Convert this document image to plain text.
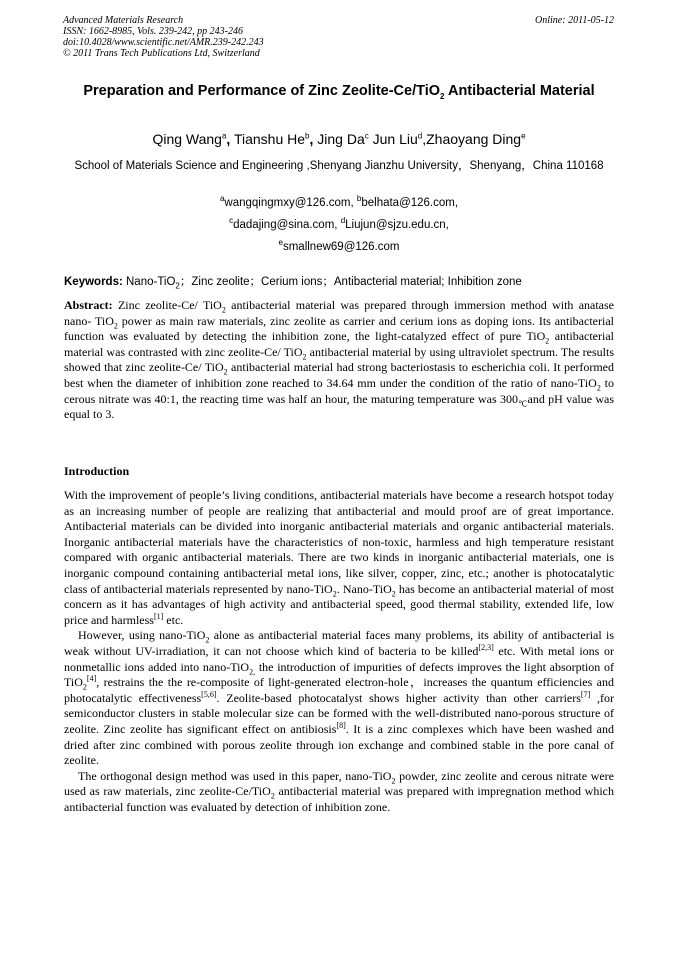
Advanced Materials Research
ISSN: 1662-8985, Vols. 239-242, pp 243-246
doi:10.4028/www.scientific.net/AMR.239-242.243
© 2011 Trans Tech Publications Ltd, Switzerland
Online: 2011-05-12
Preparation and Performance of Zinc Zeolite-Ce/TiO$_2$ Antibacterial Material
Qing Wang$^a$, Tianshu He$^b$, Jing Da$^c$ Jun Liu$^d$,Zhaoyang Ding$^e$
School of Materials Science and Engineering ,Shenyang Jianzhu University，Shenyang，China 110168
$^a$wangqingmxy@126.com, $^b$belhata@126.com,
$^c$dadajing@sina.com, $^d$Liujun@sjzu.edu.cn,
$^e$smallnew69@126.com
Keywords: Nano-TiO$_2$；Zinc zeolite；Cerium ions；Antibacterial material; Inhibition zone

Abstract: Zinc zeolite-Ce/ TiO$_2$ antibacterial material was prepared through immersion method with anatase nano- TiO$_2$ power as main raw materials, zinc zeolite as carrier and cerium ions as doping ions. Its antibacterial function was evaluated by detecting the inhibition zone, the light-catalyzed effect of pure TiO$_2$ antibacterial material was contrasted with zinc zeolite-Ce/ TiO$_2$ antibacterial material by using ultraviolet spectrum. The results showed that zinc zeolite-Ce/ TiO$_2$ antibacterial material had strong bacteriostasis to escherichia coli. It performed best when the diameter of inhibition zone reached to 34.64 mm under the condition of the ratio of nano-TiO$_2$ to cerous nitrate was 40:1, the reacting time was half an hour, the maturing temperature was $300_℃and$ pH value was equal to 3.

Introduction

With the improvement of people’s living conditions, antibacterial materials have become a research hotspot today as an increasing number of people are realizing that antibacterial and mould proof are of great importance. Antibacterial materials can be divided into inorganic antibacterial materials and organic antibacterial materials. Inorganic antibacterial materials have the characteristics of non-toxic, harmless and high temperature resistant compared with organic antibacterial materials. There are two kinds in inorganic antibacterial materials, one is inorganic compound containing antibacterial metal ions, like silver, copper, zinc, etc.; another is photocatalytic class of antibacterial materials represented by nano-TiO$_2$. Nano-TiO$_2$ has become an antibacterial material of most concern as it has advantages of high activity and antibacterial speed, good thermal stability, extended life, low price and harmless[1] etc.

However, using nano-TiO$_2$ alone as antibacterial material faces many problems, its ability of antibacterial is weak without UV-irradiation, it can not choose which kind of bacteria to be killed[2,3] etc. With metal ions or nonmetallic ions added into nano-TiO$_{2,}$ the introduction of impurities of defects improves the light absorption of TiO$_2$[4], restrains the the re-composite of light-generated electron-hole，increases the quantum efficiencies and photocatalytic effectiveness[5,6]. Zeolite-based photocatalyst shows higher activity than other carriers[7] ,for semiconductor clusters in stable molecular size can be formed with the well-distributed nano-porous structure of zeolite. Zinc zeolite has significant effect on antibiosis[8]. It is a zinc complexes which have been washed and dried after zinc combined with porous zeolite through ion exchange and combined stable in the pore canal of zeolite.

The orthogonal design method was used in this paper, nano-TiO$_2$ powder, zinc zeolite and cerous nitrate were used as raw materials, zinc zeolite-Ce/TiO$_2$ antibacterial material was prepared with impregnation method which antibacterial function was evaluated by detection of inhibition zone.
